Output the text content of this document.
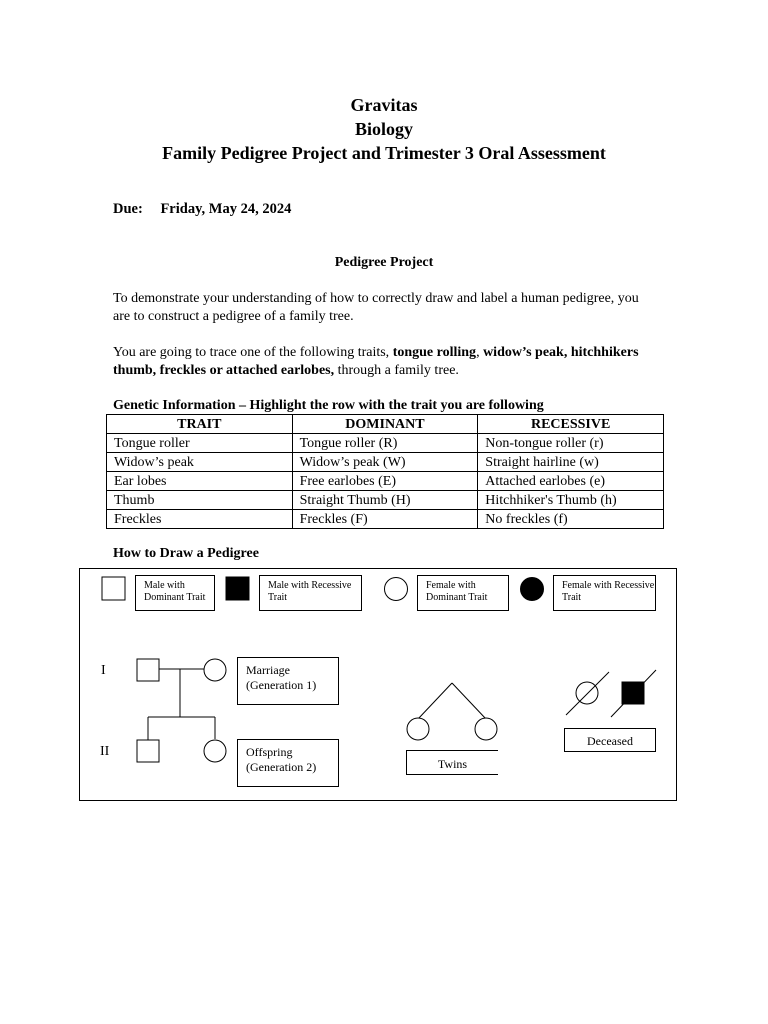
Gravitas
Biology
Family Pedigree Project and Trimester 3 Oral Assessment
Due: Friday, May 24, 2024
Pedigree Project
To demonstrate your understanding of how to correctly draw and label a human pedigree, you are to construct a pedigree of a family tree.
You are going to trace one of the following traits, tongue rolling, widow’s peak, hitchhikers thumb, freckles or attached earlobes, through a family tree.
Genetic Information – Highlight the row with the trait you are following
TRAIT	DOMINANT	RECESSIVE
Tongue roller	Tongue roller (R)	Non-tongue roller (r)
Widow’s peak	Widow’s peak (W)	Straight hairline (w)
Ear lobes	Free earlobes (E)	Attached earlobes (e)
Thumb	Straight Thumb (H)	Hitchhiker's Thumb (h)
Freckles	Freckles (F)	No freckles (f)
How to Draw a Pedigree
Male with Dominant Trait
Male with Recessive Trait
Female with Dominant Trait
Female with Recessive Trait
I
II
Marriage (Generation 1)
Offspring (Generation 2)	Twins
Deceased
